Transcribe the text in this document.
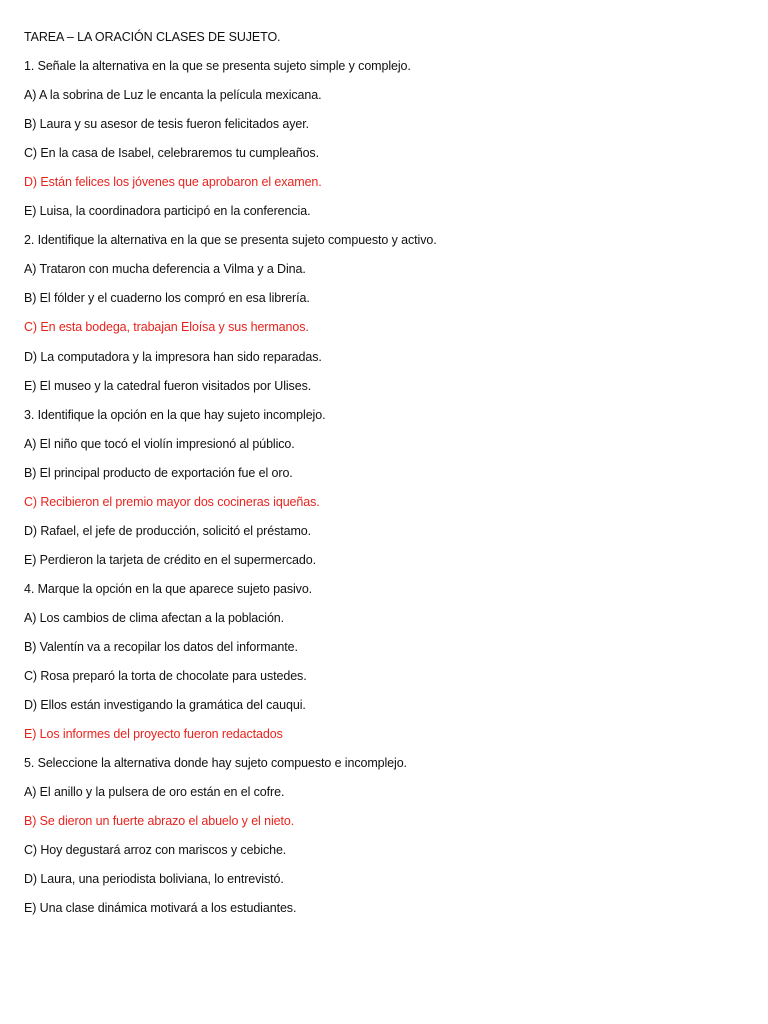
TAREA – LA ORACIÓN CLASES DE SUJETO.
1. Señale la alternativa en la que se presenta sujeto simple y complejo.
A) A la sobrina de Luz le encanta la película mexicana.
B) Laura y su asesor de tesis fueron felicitados ayer.
C) En la casa de Isabel, celebraremos tu cumpleaños.
D) Están felices los jóvenes que aprobaron el examen.
E) Luisa, la coordinadora participó en la conferencia.
2. Identifique la alternativa en la que se presenta sujeto compuesto y activo.
A) Trataron con mucha deferencia a Vilma y a Dina.
B) El fólder y el cuaderno los compró en esa librería.
C) En esta bodega, trabajan Eloísa y sus hermanos.
D) La computadora y la impresora han sido reparadas.
E) El museo y la catedral fueron visitados por Ulises.
3. Identifique la opción en la que hay sujeto incomplejo.
A) El niño que tocó el violín impresionó al público.
B) El principal producto de exportación fue el oro.
C) Recibieron el premio mayor dos cocineras iqueñas.
D) Rafael, el jefe de producción, solicitó el préstamo.
E) Perdieron la tarjeta de crédito en el supermercado.
4. Marque la opción en la que aparece sujeto pasivo.
A) Los cambios de clima afectan a la población.
B) Valentín va a recopilar los datos del informante.
C) Rosa preparó la torta de chocolate para ustedes.
D) Ellos están investigando la gramática del cauqui.
E) Los informes del proyecto fueron redactados
5. Seleccione la alternativa donde hay sujeto compuesto e incomplejo.
A) El anillo y la pulsera de oro están en el cofre.
B) Se dieron un fuerte abrazo el abuelo y el nieto.
C) Hoy degustará arroz con mariscos y cebiche.
D) Laura, una periodista boliviana, lo entrevistó.
E) Una clase dinámica motivará a los estudiantes.
